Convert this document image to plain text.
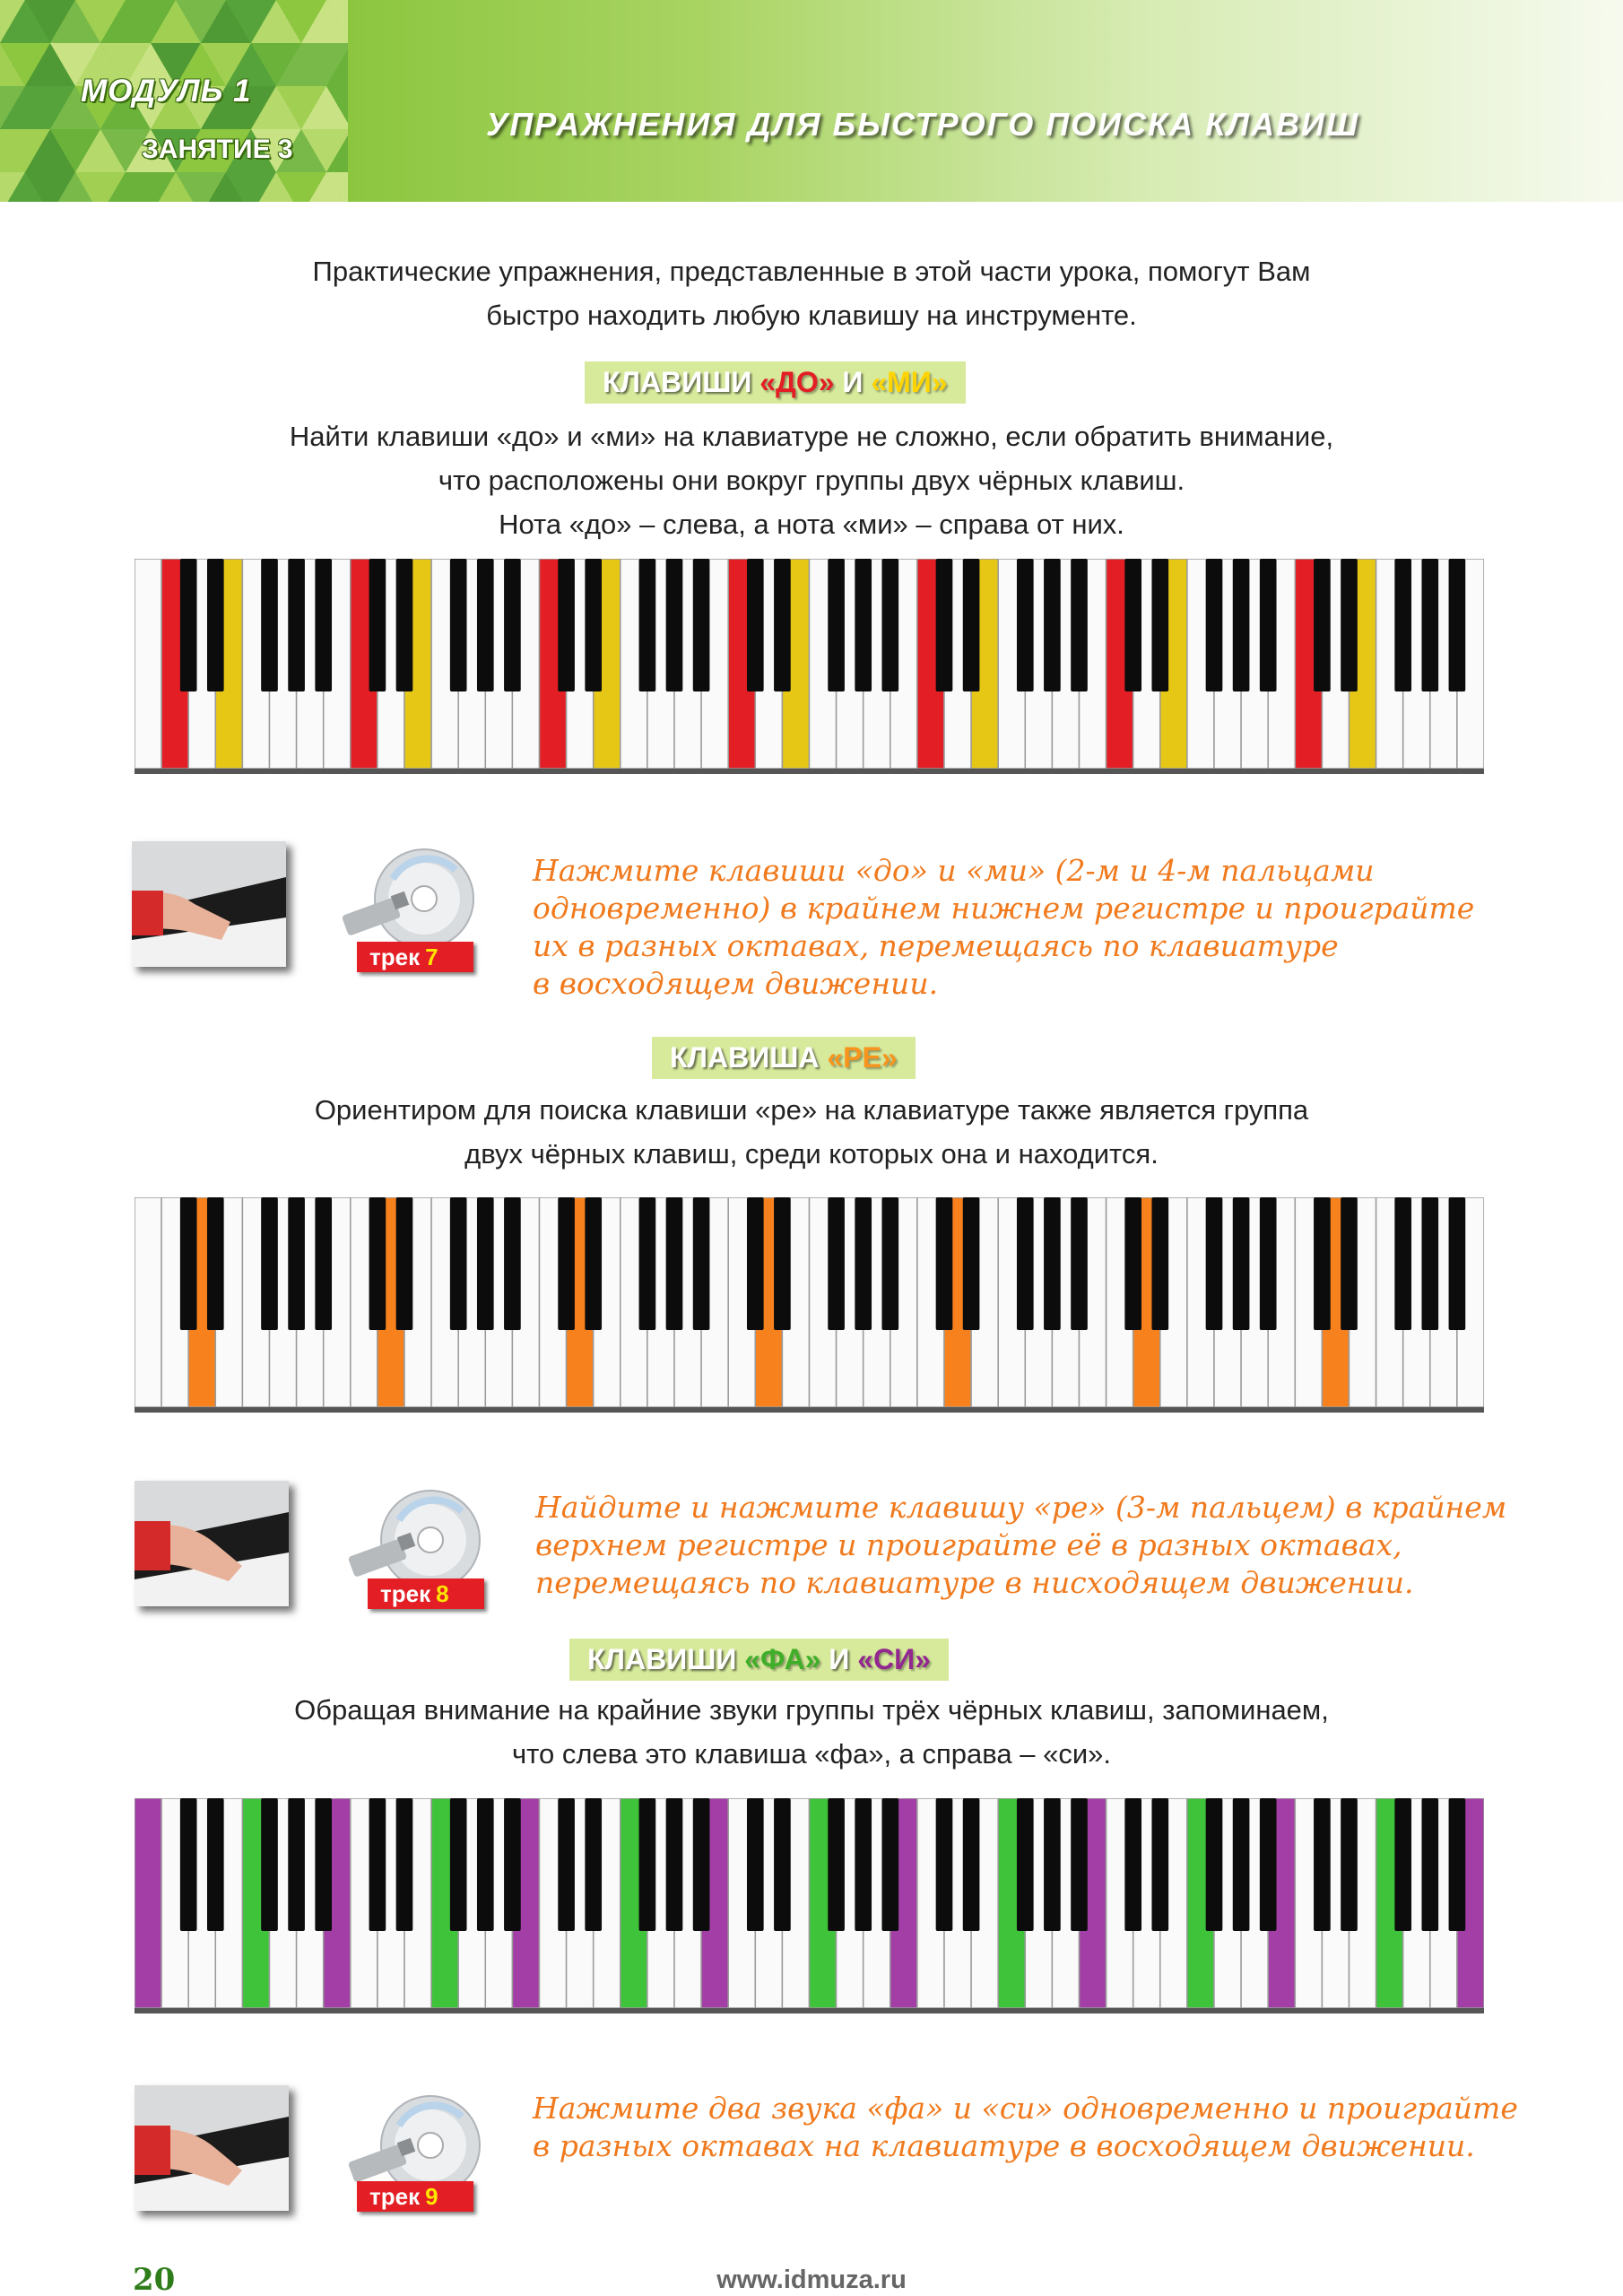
МОДУЛЬ 1
ЗАНЯТИЕ 3
УПРАЖНЕНИЯ ДЛЯ БЫСТРОГО ПОИСКА КЛАВИШ
Практические упражнения, представленные в этой части урока, помогут Вам
быстро находить любую клавишу на инструменте.
КЛАВИШИ «ДО» И «МИ»
Найти клавиши «до» и «ми» на клавиатуре не сложно, если обратить внимание,
что расположены они вокруг группы двух чёрных клавиш.
Нота «до» – слева, а нота «ми» – справа от них.
трек 7
Нажмите клавиши «до» и «ми» (2-м и 4-м пальцами
одновременно) в крайнем нижнем регистре и проиграйте
их в разных октавах, перемещаясь по клавиатуре
в восходящем движении.
КЛАВИША «РЕ»
Ориентиром для поиска клавиши «ре» на клавиатуре также является группа
двух чёрных клавиш, среди которых она и находится.
трек 8
Найдите и нажмите клавишу «ре» (3-м пальцем) в крайнем
верхнем регистре и проиграйте её в разных октавах,
перемещаясь по клавиатуре в нисходящем движении.
КЛАВИШИ «ФА» И «СИ»
Обращая внимание на крайние звуки группы трёх чёрных клавиш, запоминаем,
что слева это клавиша «фа», а справа – «си».
трек 9
Нажмите два звука «фа» и «си» одновременно и проиграйте
в разных октавах на клавиатуре в восходящем движении.
20	www.idmuza.ru
